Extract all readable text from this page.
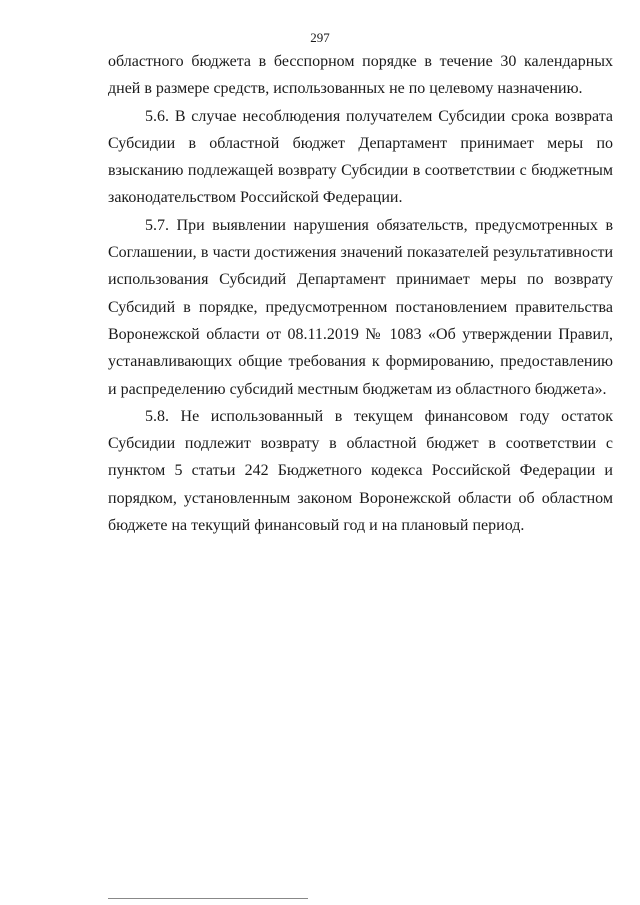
297

областного бюджета в бесспорном порядке в течение 30 календарных дней в размере средств, использованных не по целевому назначению.

5.6. В случае несоблюдения получателем Субсидии срока возврата Субсидии в областной бюджет Департамент принимает меры по взысканию подлежащей возврату Субсидии в соответствии с бюджетным законодательством Российской Федерации.

5.7. При выявлении нарушения обязательств, предусмотренных в Соглашении, в части достижения значений показателей результативности использования Субсидий Департамент принимает меры по возврату Субсидий в порядке, предусмотренном постановлением правительства Воронежской области от 08.11.2019 № 1083 «Об утверждении Правил, устанавливающих общие требования к формированию, предоставлению и распределению субсидий местным бюджетам из областного бюджета».

5.8. Не использованный в текущем финансовом году остаток Субсидии подлежит возврату в областной бюджет в соответствии с пунктом 5 статьи 242 Бюджетного кодекса Российской Федерации и порядком, установленным законом Воронежской области об областном бюджете на текущий финансовый год и на плановый период.
